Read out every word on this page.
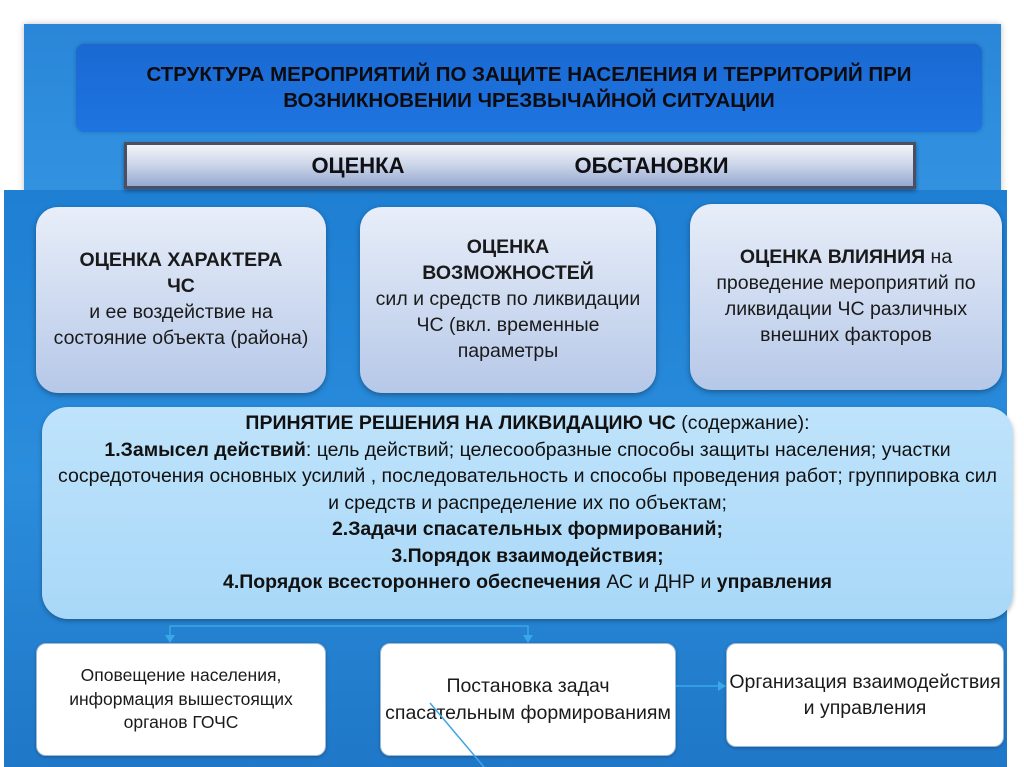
СТРУКТУРА МЕРОПРИЯТИЙ ПО ЗАЩИТЕ НАСЕЛЕНИЯ И ТЕРРИТОРИЙ ПРИ ВОЗНИКНОВЕНИИ ЧРЕЗВЫЧАЙНОЙ СИТУАЦИИ
ОЦЕНКА	ОБСТАНОВКИ
ОЦЕНКА ХАРАКТЕРА
ЧС
и ее воздействие на состояние объекта (района)
ОЦЕНКА
ВОЗМОЖНОСТЕЙ
сил и средств по ликвидации ЧС (вкл. временные параметры
ОЦЕНКА ВЛИЯНИЯ на проведение мероприятий по ликвидации ЧС различных внешних факторов
ПРИНЯТИЕ РЕШЕНИЯ НА ЛИКВИДАЦИЮ ЧС (содержание):
1.Замысел действий: цель действий; целесообразные способы защиты населения; участки сосредоточения основных усилий , последовательность и способы проведения работ; группировка сил и средств и распределение их по объектам;
2.Задачи спасательных формирований;
3.Порядок взаимодействия;
4.Порядок всестороннего обеспечения АС и ДНР и управления
Оповещение населения, информация вышестоящих органов ГОЧС
Постановка задач спасательным формированиям
Организация взаимодействия и управления
